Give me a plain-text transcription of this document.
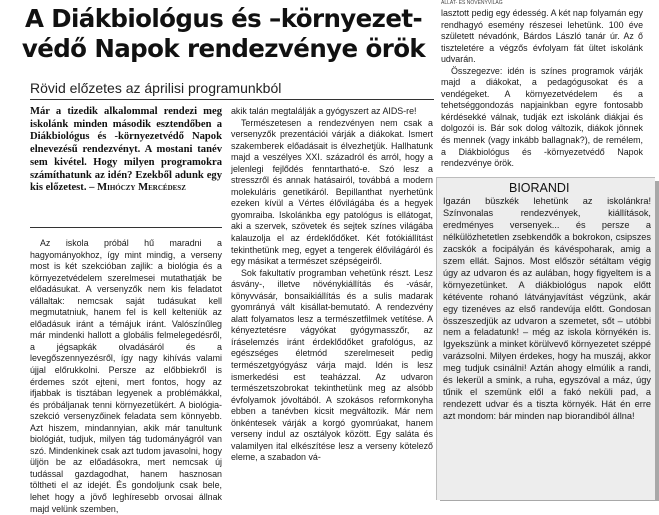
ÁLLAT- ÉS NÖVÉNYVILÁG
A Diákbiológus és –környezet-
védő Napok rendezvénye örök
Rövid előzetes az áprilisi programunkból
Már a tizedik alkalommal rendezi meg iskolánk minden második esztendőben a Diákbiológus és -környezetvédő Napok elnevezésű rendezvényt. A mostani tanév sem kivétel. Hogy milyen programokra számíthatunk az idén? Ezekből adunk egy kis előzetest. – Mihóczy Mercédesz

Az iskola próbál hű maradni a hagyományokhoz, így mint mindig, a verseny most is két szekcióban zajlik: a biológia és a környezetvédelem szerelmesei mutathatják be előadásukat. A versenyzők nem kis feladatot vállaltak: nemcsak saját tudásukat kell megmutatniuk, hanem fel is kell kelteniük az előadásuk iránt a témájuk iránt. Valószínűleg már mindenki hallott a globális felmelegedésről, a jégsapkák olvadásáról és a levegőszennyezésről, így nagy kihívás valami újjal előrukkolni. Persze az előbbiekről is érdemes szót ejteni, mert fontos, hogy az ifjabbak is tisztában legyenek a problémákkal, és próbáljanak tenni környezetükért. A biológia-szekció versenyzőinek feladata sem könnyebb. Azt hiszem, mindannyian, akik már tanultunk biológiát, tudjuk, milyen tág tudományágról van szó. Mindenkinek csak azt tudom javasolni, hogy üljön be az előadásokra, mert nemcsak új tudással gazdagodhat, hanem hasznosan töltheti el az idejét. És gondoljunk csak bele, lehet hogy a jövő leghíresebb orvosai állnak majd velünk szemben,

akik talán megtalálják a gyógyszert az AIDS-re!

Természetesen a rendezvényen nem csak a versenyzők prezentációi várják a diákokat. Ismert szakemberek előadásait is élvezhetjük. Hallhatunk majd a veszélyes XXI. századról és arról, hogy a jelenlegi fejlődés fenntartható-e. Szó lesz a stresszről és annak hatásairól, továbbá a modern molekuláris genetikáról. Bepillanthat nyerhetünk ezeken kívül a Vértes élővilágába és a hegyek gyomraiba. Iskolánkba egy patológus is ellátogat, aki a szervek, szövetek és sejtek színes világába kalauzolja el az érdeklődőket. Két fotókiállítást tekinthetünk meg, egyet a tengerek élővilágáról és egy másikat a természet szépségeiről.

Sok fakultatív programban vehetünk részt. Lesz ásvány-, illetve növénykiállítás és -vásár, könyvvásár, bonsaikiállítás és a sulis madarak gyomrányá vált kisállat-bemutató. A rendezvény alatt folyamatos lesz a természetfilmek vetítése. A kényeztetésre vágyókat gyógymasszőr, az íráselemzés iránt érdeklődőket grafológus, az egészséges életmód szerelmeseit pedig természetgyógyász várja majd. Idén is lesz ismerkedési est teaházzal. Az udvaron természetszobrokat tekinthetünk meg az alsóbb évfolyamok jóvoltából. A szokásos reformkonyha ebben a tanévben kicsit megváltozik. Már nem önkéntesek várják a korgó gyomrúakat, hanem verseny indul az osztályok között. Egy saláta és valamilyen ital elkészítése lesz a verseny kötelező eleme, a szabadon vá-

lasztott pedig egy édesség. A két nap folyamán egy rendhagyó esemény részesei lehetünk. 100 éve született névadónk, Bárdos László tanár úr. Az ő tiszteletére a végzős évfolyam fát ültet iskolánk udvarán.

Összegezve: idén is színes programok várják majd a diákokat, a pedagógusokat és a vendégeket. A környezetvédelem és a tehetséggondozás napjainkban egyre fontosabb kérdésekké válnak, tudják ezt iskolánk diákjai és dolgozói is. Bár sok dolog változik, diákok jönnek és mennek (vagy inkább ballagnak?), de remélem, a Diákbiológus és -környezetvédő Napok rendezvénye örök.

BIORANDI

Igazán büszkék lehetünk az iskolánkra! Színvonalas rendezvények, kiállítások, eredményes versenyek... és persze a nélkülözhetetlen zsebkendők a bokrokon, csipszes zacskók a focipályán és kávéspoharak, amig a szem ellát. Sajnos. Most először sétáltam végig úgy az udvaron és az aulában, hogy figyeltem is a környezetünket. A diákbiológus napok előtt kétévente rohanó látványjavítást végzünk, akár egy tizenéves az első randevúja előtt. Gondosan összeszedjük az udvaron a szemetet, sőt – utóbbi nem a feladatunk! – még az iskola környékén is. Igyekszünk a minket körülvevő környezetet széppé varázsolni. Milyen érdekes, hogy ha muszáj, akkor meg tudjuk csinálni! Aztán ahogy elmúlik a randi, és lekerül a smink, a ruha, egyszóval a máz, úgy tűnik el szemünk elől a fakó neküli pad, a rendezett udvar és a tiszta környék. Hát én erre azt mondom: bár minden nap biorandiból állna!
